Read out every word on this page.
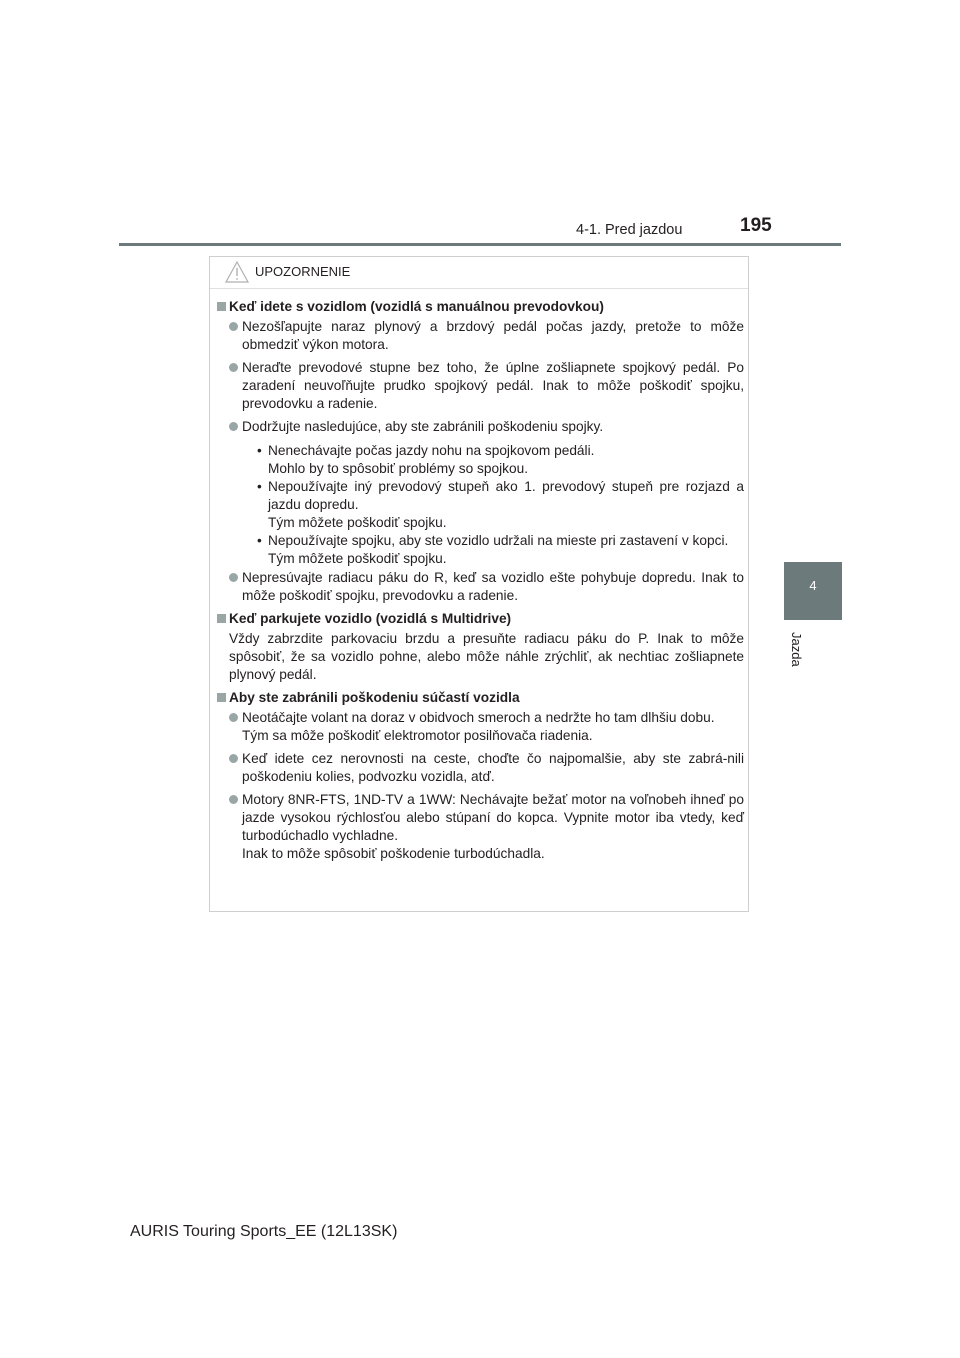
4-1. Pred jazdou	195
4
Jazda
UPOZORNENIE
Keď idete s vozidlom (vozidlá s manuálnou prevodovkou)
Nezošľapujte naraz plynový a brzdový pedál počas jazdy, pretože to môže obmedziť výkon motora.
Neraďte prevodové stupne bez toho, že úplne zošliapnete spojkový pedál. Po zaradení neuvoľňujte prudko spojkový pedál. Inak to môže poškodiť spojku, prevodovku a radenie.
Dodržujte nasledujúce, aby ste zabránili poškodeniu spojky.
• Nenechávajte počas jazdy nohu na spojkovom pedáli.
Mohlo by to spôsobiť problémy so spojkou.
• Nepoužívajte iný prevodový stupeň ako 1. prevodový stupeň pre rozjazd a jazdu dopredu.
Tým môžete poškodiť spojku.
• Nepoužívajte spojku, aby ste vozidlo udržali na mieste pri zastavení v kopci.
Tým môžete poškodiť spojku.
Nepresúvajte radiacu páku do R, keď sa vozidlo ešte pohybuje dopredu. Inak to môže poškodiť spojku, prevodovku a radenie.
Keď parkujete vozidlo (vozidlá s Multidrive)
Vždy zabrzdite parkovaciu brzdu a presuňte radiacu páku do P. Inak to môže spôsobiť, že sa vozidlo pohne, alebo môže náhle zrýchliť, ak nechtiac zošliapnete plynový pedál.
Aby ste zabránili poškodeniu súčastí vozidla
Neotáčajte volant na doraz v obidvoch smeroch a nedržte ho tam dlhšiu dobu.
Tým sa môže poškodiť elektromotor posilňovača riadenia.
Keď idete cez nerovnosti na ceste, choďte čo najpomalšie, aby ste zabrá-nili poškodeniu kolies, podvozku vozidla, atď.
Motory 8NR-FTS, 1ND-TV a 1WW: Nechávajte bežať motor na voľnobeh ihneď po jazde vysokou rýchlosťou alebo stúpaní do kopca. Vypnite motor iba vtedy, keď turbodúchadlo vychladne.
Inak to môže spôsobiť poškodenie turbodúchadla.
AURIS Touring Sports_EE (12L13SK)
